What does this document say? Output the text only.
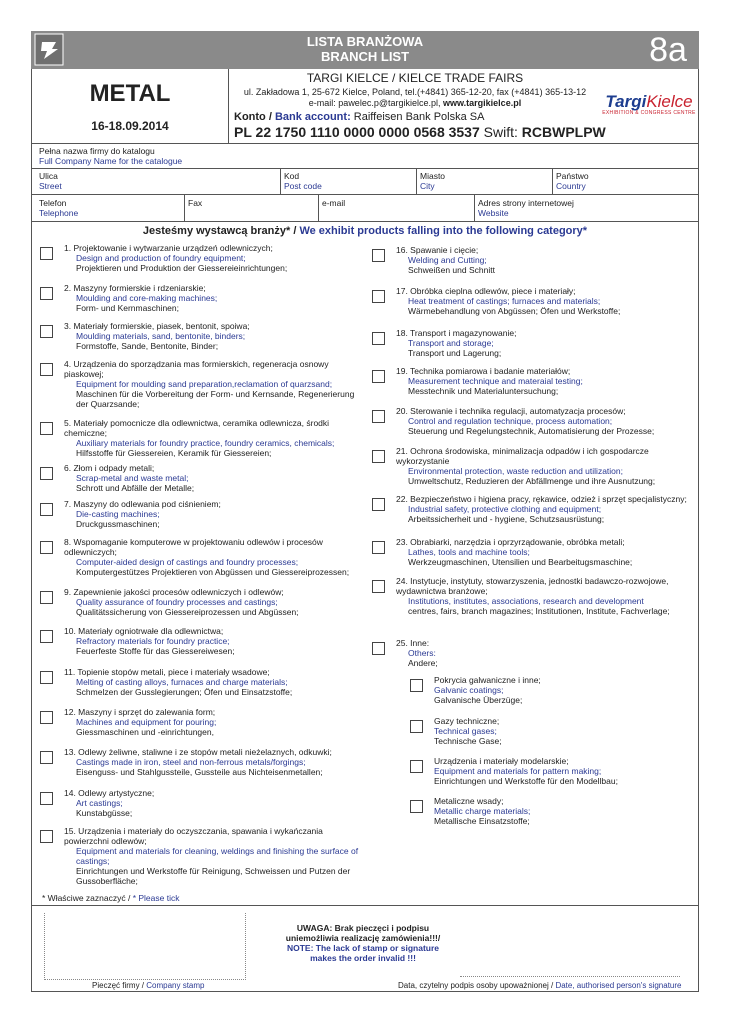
LISTA BRANŻOWA
BRANCH LIST	8a
METAL
16-18.09.2014
TARGI KIELCE / KIELCE TRADE FAIRS
ul. Zakładowa 1, 25-672 Kielce, Poland, tel.(+4841) 365-12-20, fax (+4841) 365-13-12
e-mail: pawelec.p@targikielce.pl, www.targikielce.pl
Konto / Bank account: Raiffeisen Bank Polska SA
PL 22 1750 1110 0000 0000 0568 3537 Swift: RCBWPLPW
TargiKielce
EXHIBITION & CONGRESS CENTRE
Pełna nazwa firmy do katalogu
Full Company Name for the catalogue
Ulica
Street
Kod
Post code
Miasto
City
Państwo
Country
Telefon
Telephone
Fax	e-mail	Adres strony internetowej
Website
Jesteśmy wystawcą branży* / We exhibit products falling into the following category*
1. Projektowanie i wytwarzanie urządzeń odlewniczych;
Design and production of foundry equipment;
Projektieren und Produktion der Giessereieinrichtungen;
2. Maszyny formierskie i rdzeniarskie;
Moulding and core-making machines;
Form- und Kernmaschinen;
3. Materiały formierskie, piasek, bentonit, spoiwa;
Moulding materials, sand, bentonite, binders;
Formstoffe, Sande, Bentonite, Binder;
4. Urządzenia do sporządzania mas formierskich, regeneracja osnowy piaskowej;
Equipment for moulding sand preparation,reclamation of quarzsand;
Maschinen für die Vorbereitung der Form- und Kernsande, Regenerierung der Quarzsande;
5. Materiały pomocnicze dla odlewnictwa, ceramika odlewnicza, środki chemiczne;
Auxiliary materials for foundry practice, foundry ceramics, chemicals;
Hilfsstoffe für Giessereien, Keramik für Giessereien;
6. Złom i odpady metali;
Scrap-metal and waste metal;
Schrott und Abfälle der Metalle;
7. Maszyny do odlewania pod ciśnieniem;
Die-casting machines;
Druckgussmaschinen;
8. Wspomaganie komputerowe w projektowaniu odlewów i procesów odlewniczych;
Computer-aided design of castings and foundry processes;
Komputergestützes Projektieren von Abgüssen und Giessereiprozessen;
9. Zapewnienie jakości procesów odlewniczych i odlewów;
Quality assurance of foundry processes and castings;
Qualitätssicherung von Giessereiprozessen und Abgüssen;
10. Materiały ogniotrwałe dla odlewnictwa;
Refractory materials for foundry practice;
Feuerfeste Stoffe für das Giessereiwesen;
11. Topienie stopów metali, piece i materiały wsadowe;
Melting of casting alloys, furnaces and charge materials;
Schmelzen der Gusslegierungen; Öfen und Einsatzstoffe;
12. Maszyny i sprzęt do zalewania form;
Machines and equipment for pouring;
Giessmaschinen und -einrichtungen,
13. Odlewy żeliwne, staliwne i ze stopów metali nieżelaznych, odkuwki;
Castings made in iron, steel and non-ferrous metals/forgings;
Eisenguss- und Stahlgussteile, Gussteile aus Nichteisenmetallen;
14. Odlewy artystyczne;
Art castings;
Kunstabgüsse;
15. Urządzenia i materiały do oczyszczania, spawania i wykańczania powierzchni odlewów;
Equipment and materials for cleaning, weldings and finishing the surface of castings;
Einrichtungen und Werkstoffe für Reinigung, Schweissen und Putzen der Gussoberfläche;
16. Spawanie i cięcie;
Welding and Cutting;
Schweißen und Schnitt
17. Obróbka cieplna odlewów, piece i materiały;
Heat treatment of castings; furnaces and materials;
Wärmebehandlung von Abgüssen; Öfen und Werkstoffe;
18. Transport i magazynowanie;
Transport and storage;
Transport und Lagerung;
19. Technika pomiarowa i badanie materiałów;
Measurement technique and materaial testing;
Messtechnik und Materialuntersuchung;
20. Sterowanie i technika regulacji, automatyzacja procesów;
Control and regulation technique, process automation;
Steuerung und Regelungstechnik, Automatisierung der Prozesse;
21. Ochrona środowiska, minimalizacja odpadów i ich gospodarcze wykorzystanie
Environmental protection, waste reduction and utilization;
Umweltschutz, Reduzieren der Abfällmenge und ihre Ausnutzung;
22. Bezpieczeństwo i higiena pracy, rękawice, odzież i sprzęt specjalistyczny;
Industrial safety, protective clothing and equipment;
Arbeitssicherheit und - hygiene, Schutzsausrüstung;
23. Obrabiarki, narzędzia i oprzyrządowanie, obróbka metali;
Lathes, tools and machine tools;
Werkzeugmaschinen, Utensilien und Bearbeitugsmaschine;
24. Instytucje, instytuty, stowarzyszenia, jednostki badawczo-rozwojowe, wydawnictwa branżowe;
Institutions, institutes, associations, research and development
centres, fairs, branch magazines; Institutionen, Institute, Fachverlage;
25. Inne:
Others:
Andere;
Pokrycia galwaniczne i inne;
Galvanic coatings;
Galvanische Überzüge;
Gazy techniczne;
Technical gases;
Technische Gase;
Urządzenia i materiały modelarskie;
Equipment and materials for pattern making;
Einrichtungen und Werkstoffe für den Modellbau;
Metaliczne wsady;
Metallic charge materials;
Metallische Einsatzstoffe;
* Właściwe zaznaczyć / * Please tick
UWAGA: Brak pieczęci i podpisu
uniemożliwia realizację zamówienia!!!/
NOTE: The lack of stamp or signature
makes the order invalid !!!
Pieczęć firmy / Company stamp	Data, czytelny podpis osoby upoważnionej / Date, authorised person's signature
